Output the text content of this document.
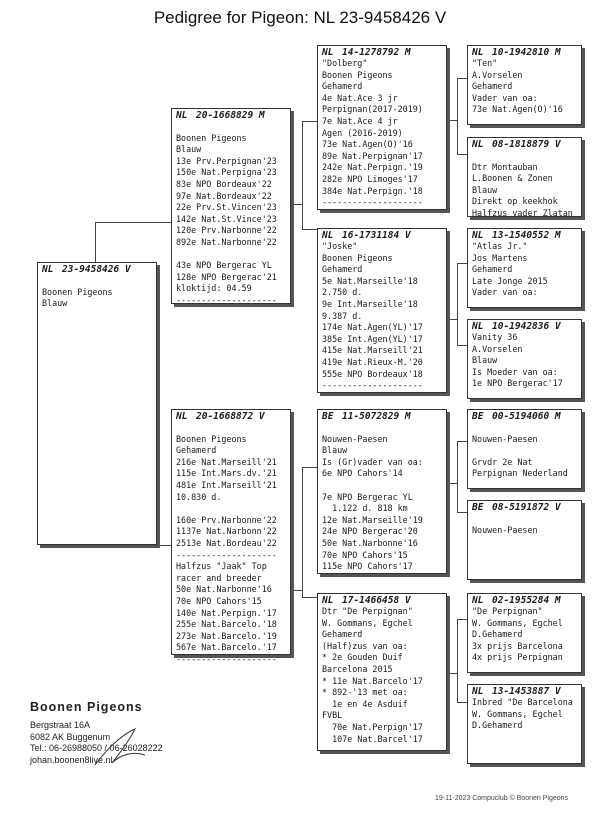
Pedigree for Pigeon: NL 23-9458426 V
NL 23-9458426 V
Boonen Pigeons
Blauw
NL 20-1668829 M
Boonen Pigeons
Blauw
13e Prv.Perpignan'23
150e Nat.Perpigna'23
83e NPO Bordeaux'22
97e Nat.Bordeaux'22
22e Prv.St.Vincen'23
142e Nat.St.Vince'23
120e Prv.Narbonne'22
892e Nat.Narbonne'22
43e NPO Bergerac YL
128e NPO Bergerac'21
kloktijd: 04.59
--------------------
NL 20-1668872 V
Boonen Pigeons
Gehamerd
216e Nat.Marseill'21
115e Int.Mars.dv.'21
481e Int.Marseill'21
10.830 d.
160e Prv.Narbonne'22
1137e Nat.Narbonn'22
2513e Nat.Bordeau'22
--------------------
Halfzus "Jaak" Top
racer and breeder
50e Nat.Narbonne'16
70e NPO Cahors'15
140e Nat.Perpign.'17
255e Nat.Barcelo.'18
273e Nat.Barcelo.'19
567e Nat.Barcelo.'17
--------------------
NL 14-1278792 M
"Dolberg"
Boonen Pigeons
Gehamerd
4e Nat.Ace 3 jr
Perpignan(2017-2019)
7e Nat.Ace 4 jr
Agen (2016-2019)
73e Nat.Agen(O)'16
89e Nat.Perpignan'17
242e Nat.Perpign.'19
282e NPO Limoges'17
384e Nat.Perpign.'18
--------------------
NL 16-1731184 V
"Joske"
Boonen Pigeons
Gehamerd
5e Nat.Marseille'18
2.750 d.
9e Int.Marseille'18
9.387 d.
174e Nat.Agen(YL)'17
385e Int.Agen(YL)'17
415e Nat.Marseill'21
419e Nat.Rieux-M.'20
555e NPO Bordeaux'18
--------------------
BE 11-5072829 M
Nouwen-Paesen
Blauw
Is (Gr)vader van oa:
6e NPO Cahors'14
7e NPO Bergerac YL
1.122 d. 818 km
12e Nat.Marseille'19
24e NPO Bergerac'20
50e Nat.Narbonne'16
70e NPO Cahors'15
115e NPO Cahors'17
NL 17-1466458 V
Dtr "De Perpignan"
W. Gommans, Egchel
Gehamerd
(Half)zus van oa:
* 2e Gouden Duif
Barcelona 2015
* 11e Nat.Barcelo'17
* 892-'13 met oa:
1e en 4e Asduif
FVBL
70e Nat.Perpign'17
107e Nat.Barcel'17
NL 10-1942810 M
"Ten"
A.Vorselen
Gehamerd
Vader van oa:
73e Nat.Agen(O)'16
NL 08-1818879 V
Dtr Montauban
L.Boonen & Zonen
Blauw
Direkt op keekhok
Halfzus vader Zlatan
NL 13-1540552 M
"Atlas Jr."
Jos Martens
Gehamerd
Late Jonge 2015
Vader van oa:
NL 10-1942836 V
Vanity 36
A.Vorselen
Blauw
Is Moeder van oa:
1e NPO Bergerac'17
BE 00-5194060 M
Nouwen-Paesen
Grvdr 2e Nat
Perpignan Nederland
BE 08-5191872 V
Nouwen-Paesen
NL 02-1955284 M
"De Perpignan"
W. Gommans, Egchel
D.Gehamerd
3x prijs Barcelona
4x prijs Perpignan
NL 13-1453887 V
Inbred "De Barcelona
W. Gommans, Egchel
D.Gehamerd
Boonen Pigeons
Bergstraat 16A
6082 AK Buggenum
Tel.: 06-26988050 / 06-26028222
johan.boonen8live.nl
19-11-2023 Compuclub © Boonen Pigeons
